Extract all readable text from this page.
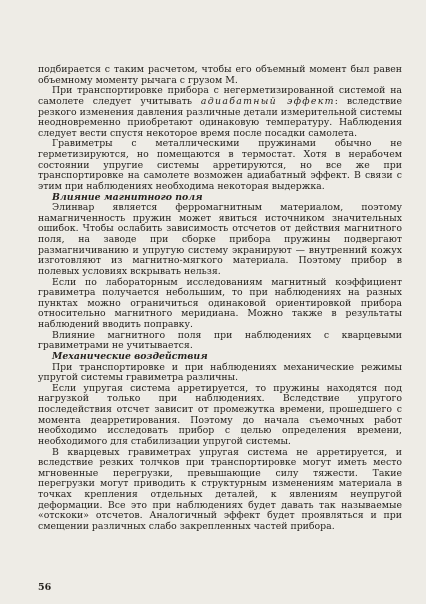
подбирается с таким расчетом, чтобы его объемный момент был равен объемному моменту рычага с грузом М.

При транспортировке прибора с негерметизированной системой на самолете следует учитывать адиабатный эффект: вследствие резкого изменения давления различные детали измерительной системы неодновременно приобретают одинаковую температуру. Наблюдения следует вести спустя некоторое время после посадки самолета.

Гравиметры с металлическими пружинами обычно не герметизируются, но помещаются в термостат. Хотя в нерабочем состоянии упругие системы арретируются, но все же при транспортировке на самолете возможен адиабатный эффект. В связи с этим при наблюдениях необходима некоторая выдержка.

Влияние магнитного поля

Элинвар является ферромагнитным материалом, поэтому намагниченность пружин может явиться источником значительных ошибок. Чтобы ослабить зависимость отсчетов от действия магнитного поля, на заводе при сборке прибора пружины подвергают размагничиванию и упругую систему экранируют — внутренний кожух изготовляют из магнитно-мягкого материала. Поэтому прибор в полевых условиях вскрывать нельзя.

Если по лабораторным исследованиям магнитный коэффициент гравиметра получается небольшим, то при наблюдениях на разных пунктах можно ограничиться одинаковой ориентировкой прибора относительно магнитного меридиана. Можно также в результаты наблюдений вводить поправку.

Влияние магнитного поля при наблюдениях с кварцевыми гравиметрами не учитывается.

Механические воздействия

При транспортировке и при наблюдениях механические режимы упругой системы гравиметра различны.

Если упругая система арретируется, то пружины находятся под нагрузкой только при наблюдениях. Вследствие упругого последействия отсчет зависит от промежутка времени, прошедшего с момента деарретирования. Поэтому до начала съемочных работ необходимо исследовать прибор с целью определения времени, необходимого для стабилизации упругой системы.

В кварцевых гравиметрах упругая система не арретируется, и вследствие резких толчков при транспортировке могут иметь место мгновенные перегрузки, превышающие силу тяжести. Такие перегрузки могут приводить к структурным изменениям материала в точках крепления отдельных деталей, к явлениям неупругой деформации. Все это при наблюдениях будет давать так называемые «отскоки» отсчетов. Аналогичный эффект будет проявляться и при смещении различных слабо закрепленных частей прибора.

56
